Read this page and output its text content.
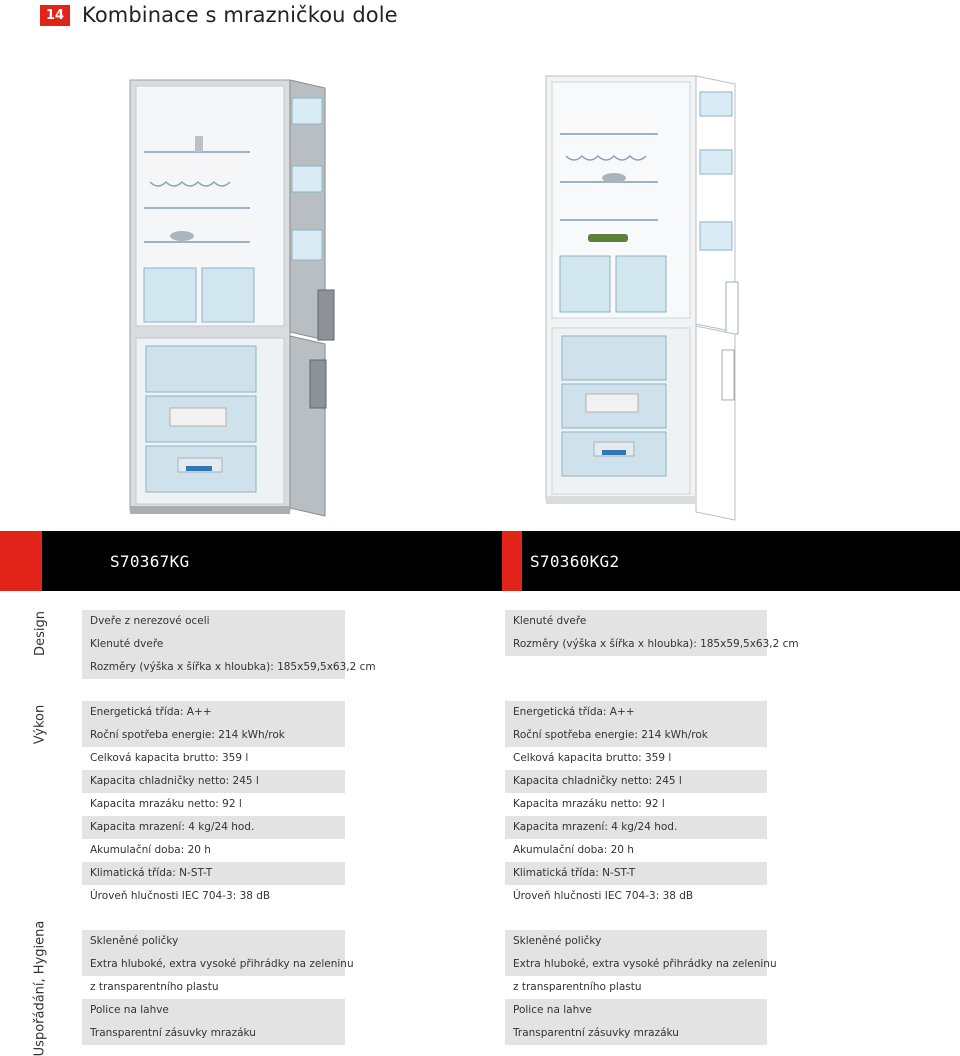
14 Kombinace s mrazničkou dole
S70367KG	S70360KG2
Design
Výkon
Uspořádání, Hygiena
Dveře z nerezové oceli
Klenuté dveře
Rozměry (výška x šířka x hloubka): 185x59,5x63,2 cm
Klenuté dveře
Rozměry (výška x šířka x hloubka): 185x59,5x63,2 cm
Energetická třída: A++
Roční spotřeba energie: 214 kWh/rok
Celková kapacita brutto: 359 l
Kapacita chladničky netto: 245 l
Kapacita mrazáku netto: 92 l
Kapacita mrazení: 4 kg/24 hod.
Akumulační doba: 20 h
Klimatická třída: N-ST-T
Úroveň hlučnosti IEC 704-3: 38 dB
Energetická třída: A++
Roční spotřeba energie: 214 kWh/rok
Celková kapacita brutto: 359 l
Kapacita chladničky netto: 245 l
Kapacita mrazáku netto: 92 l
Kapacita mrazení: 4 kg/24 hod.
Akumulační doba: 20 h
Klimatická třída: N-ST-T
Úroveň hlučnosti IEC 704-3: 38 dB
Skleněné poličky
Extra hluboké, extra vysoké přihrádky na zeleninu
z transparentního plastu
Police na lahve
Transparentní zásuvky mrazáku
Skleněné poličky
Extra hluboké, extra vysoké přihrádky na zeleninu
z transparentního plastu
Police na lahve
Transparentní zásuvky mrazáku
